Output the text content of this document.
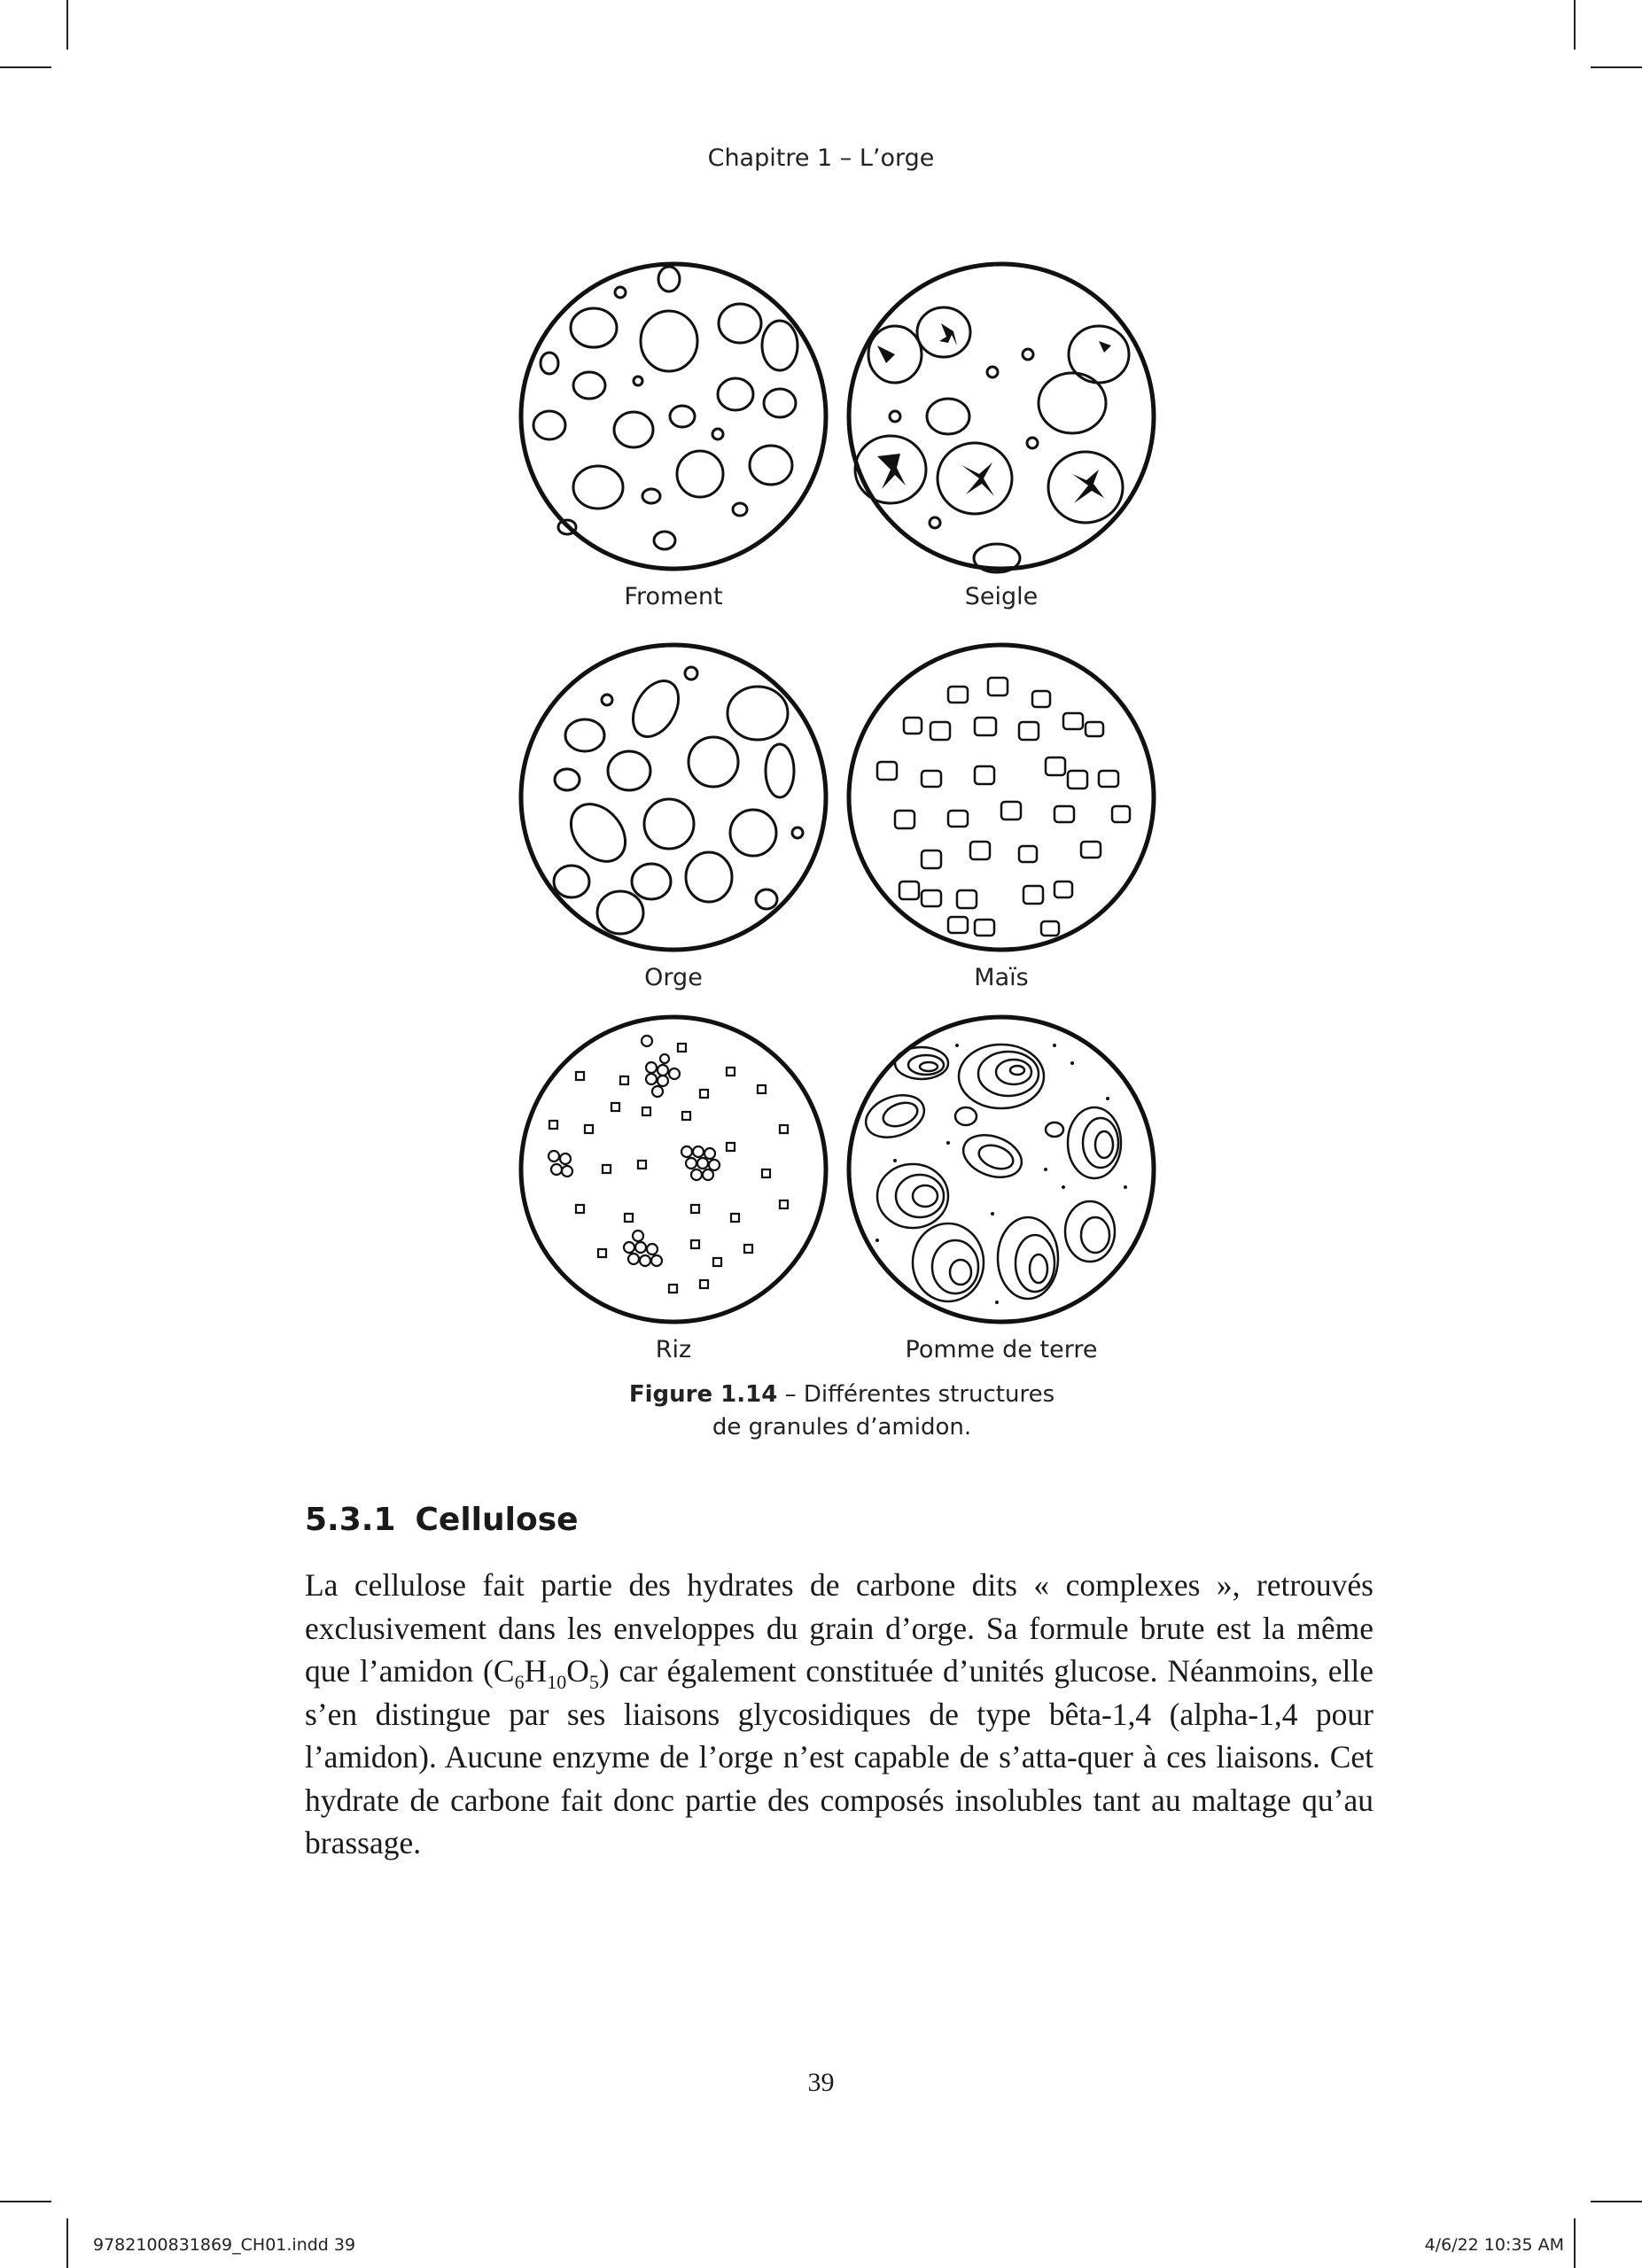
Chapitre 1 – L’orge
Froment	Seigle
Orge	Maïs
Riz	Pomme de terre
Figure 1.14 – Différentes structures
de granules d’amidon.
5.3.1 Cellulose

La cellulose fait partie des hydrates de carbone dits « complexes », retrouvés exclusivement dans les enveloppes du grain d’orge. Sa formule brute est la même que l’amidon $(C_6H_{10}O_5)$ car également constituée d’unités glucose. Néanmoins, elle s’en distingue par ses liaisons glycosidiques de type bêta-1,4 (alpha-1,4 pour l’amidon). Aucune enzyme de l’orge n’est capable de s’atta-quer à ces liaisons. Cet hydrate de carbone fait donc partie des composés insolubles tant au maltage qu’au brassage.

39
9782100831869_CH01.indd 39	4/6/22 10:35 AM
